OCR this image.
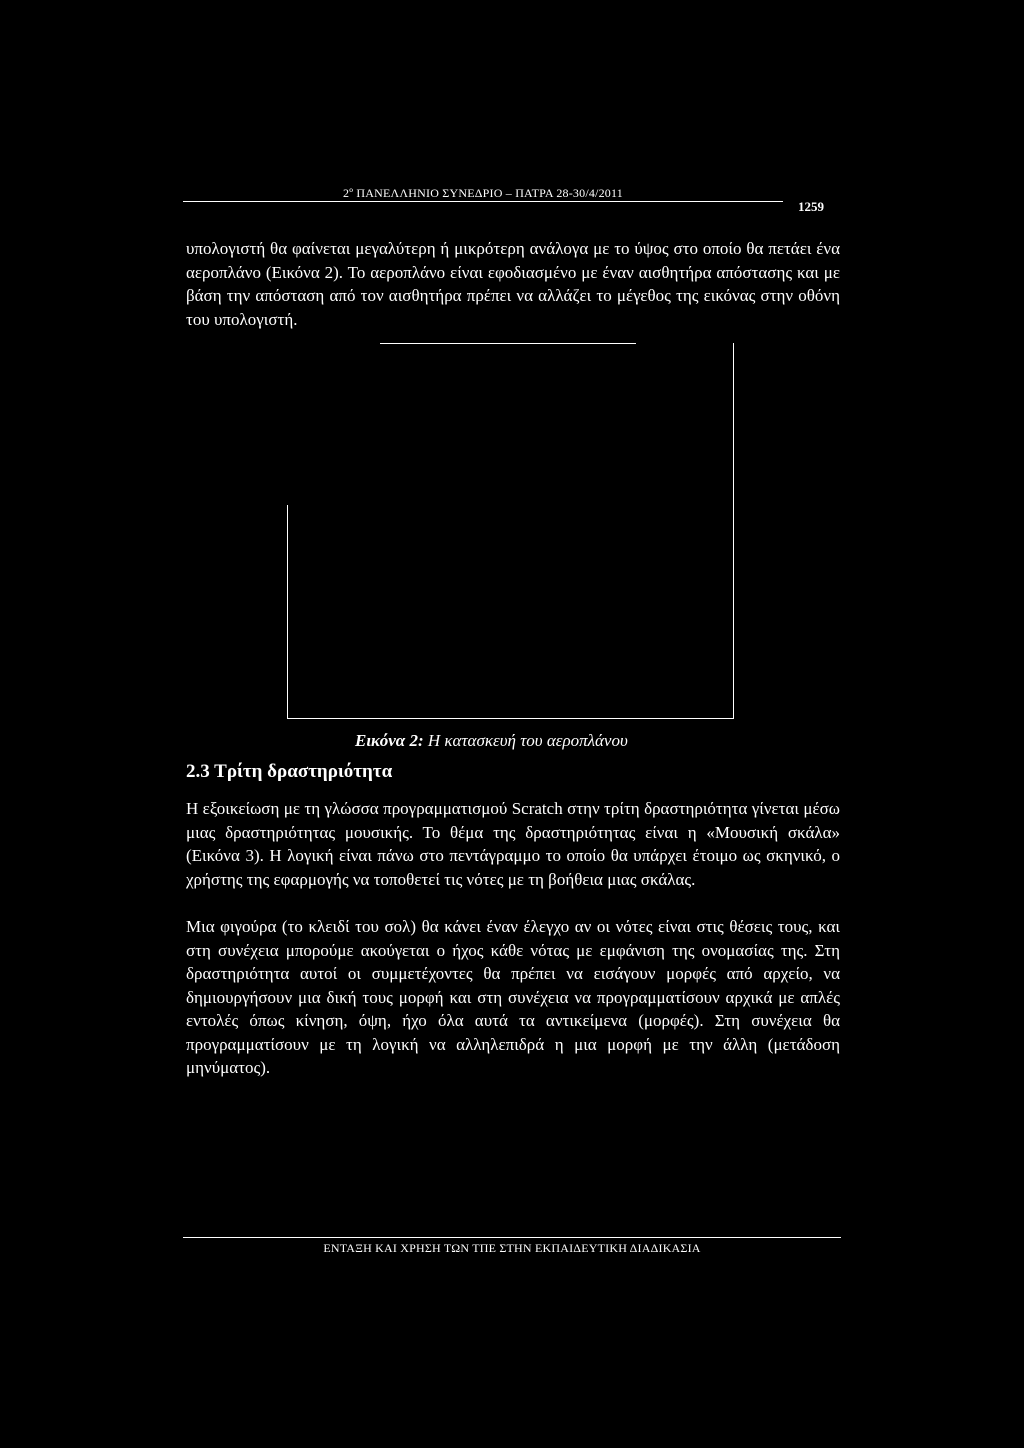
2º ΠΑΝΕΛΛΗΝΙΟ ΣΥΝΕΔΡΙΟ – ΠΑΤΡΑ 28-30/4/2011
1259

υπολογιστή θα φαίνεται μεγαλύτερη ή μικρότερη ανάλογα με το ύψος στο οποίο θα πετάει ένα αεροπλάνο (Εικόνα 2). Το αεροπλάνο είναι εφοδιασμένο με έναν αισθητήρα απόστασης και με βάση την απόσταση από τον αισθητήρα πρέπει να αλλάζει το μέγεθος της εικόνας στην οθόνη του υπολογιστή.

Εικόνα 2: Η κατασκευή του αεροπλάνου
2.3 Τρίτη δραστηριότητα

Η εξοικείωση με τη γλώσσα προγραμματισμού Scratch στην τρίτη δραστηριότητα γίνεται μέσω μιας δραστηριότητας μουσικής. Το θέμα της δραστηριότητας είναι η «Μουσική σκάλα» (Εικόνα 3). Η λογική είναι πάνω στο πεντάγραμμο το οποίο θα υπάρχει έτοιμο ως σκηνικό, ο χρήστης της εφαρμογής να τοποθετεί τις νότες με τη βοήθεια μιας σκάλας.

Μια φιγούρα (το κλειδί του σολ) θα κάνει έναν έλεγχο αν οι νότες είναι στις θέσεις τους, και στη συνέχεια μπορούμε ακούγεται ο ήχος κάθε νότας με εμφάνιση της ονομασίας της. Στη δραστηριότητα αυτοί οι συμμετέχοντες θα πρέπει να εισάγουν μορφές από αρχείο, να δημιουργήσουν μια δική τους μορφή και στη συνέχεια να προγραμματίσουν αρχικά με απλές εντολές όπως κίνηση, όψη, ήχο όλα αυτά τα αντικείμενα (μορφές). Στη συνέχεια θα προγραμματίσουν με τη λογική να αλληλεπιδρά η μια μορφή με την άλλη (μετάδοση μηνύματος).

ΕΝΤΑΞΗ ΚΑΙ ΧΡΗΣΗ ΤΩΝ ΤΠΕ ΣΤΗΝ ΕΚΠΑΙΔΕΥΤΙΚΗ ΔΙΑΔΙΚΑΣΙΑ
